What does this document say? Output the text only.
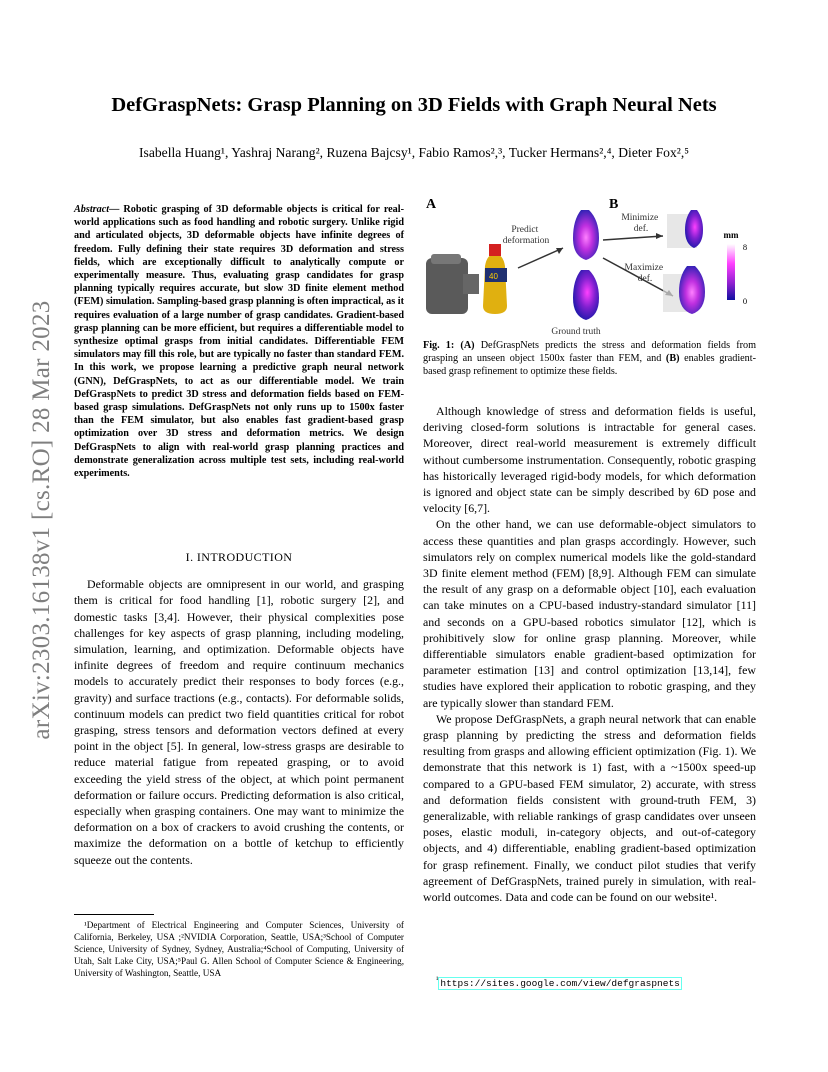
arXiv:2303.16138v1 [cs.RO] 28 Mar 2023
DefGraspNets: Grasp Planning on 3D Fields with Graph Neural Nets

Isabella Huang¹, Yashraj Narang², Ruzena Bajcsy¹, Fabio Ramos²,³, Tucker Hermans²,⁴, Dieter Fox²,⁵

Abstract— Robotic grasping of 3D deformable objects is critical for real-world applications such as food handling and robotic surgery. Unlike rigid and articulated objects, 3D deformable objects have infinite degrees of freedom. Fully defining their state requires 3D deformation and stress fields, which are exceptionally difficult to analytically compute or experimentally measure. Thus, evaluating grasp candidates for grasp planning typically requires accurate, but slow 3D finite element method (FEM) simulation. Sampling-based grasp planning is often impractical, as it requires evaluation of a large number of grasp candidates. Gradient-based grasp planning can be more efficient, but requires a differentiable model to synthesize optimal grasps from initial candidates. Differentiable FEM simulators may fill this role, but are typically no faster than standard FEM. In this work, we propose learning a predictive graph neural network (GNN), DefGraspNets, to act as our differentiable model. We train DefGraspNets to predict 3D stress and deformation fields based on FEM-based grasp simulations. DefGraspNets not only runs up to 1500x faster than the FEM simulator, but also enables fast gradient-based grasp optimization over 3D stress and deformation metrics. We design DefGraspNets to align with real-world grasp planning practices and demonstrate generalization across multiple test sets, including real-world experiments.

I. INTRODUCTION

Deformable objects are omnipresent in our world, and grasping them is critical for food handling [1], robotic surgery [2], and domestic tasks [3,4]. However, their physical complexities pose challenges for key aspects of grasp planning, including modeling, simulation, learning, and optimization. Deformable objects have infinite degrees of freedom and require continuum mechanics models to accurately predict their responses to body forces (e.g., gravity) and surface tractions (e.g., contacts). For deformable solids, continuum models can predict two field quantities critical for robot grasping, stress tensors and deformation vectors defined at every point in the object [5]. In general, low-stress grasps are desirable to reduce material fatigue from repeated grasping, or to avoid exceeding the yield stress of the object, at which point permanent deformation or failure occurs. Predicting deformation is also critical, especially when grasping containers. One may want to minimize the deformation on a box of crackers to avoid crushing the contents, or maximize the deformation on a bottle of ketchup to efficiently squeeze out the contents.

¹Department of Electrical Engineering and Computer Sciences, University of California, Berkeley, USA ;²NVIDIA Corporation, Seattle, USA;³School of Computer Science, University of Sydney, Sydney, Australia;⁴School of Computing, University of Utah, Salt Lake City, USA;⁵Paul G. Allen School of Computer Science & Engineering, University of Washington, Seattle, USA

A	B
40
Predict deformation
Ground truth
Minimize def.
Maximize def.
mm
8
0

Fig. 1: (A) DefGraspNets predicts the stress and deformation fields from grasping an unseen object 1500x faster than FEM, and (B) enables gradient-based grasp refinement to optimize these fields.

Although knowledge of stress and deformation fields is useful, deriving closed-form solutions is intractable for general cases. Moreover, direct real-world measurement is extremely difficult without cumbersome instrumentation. Consequently, robotic grasping has historically leveraged rigid-body models, for which deformation is ignored and object state can be simply described by 6D pose and velocity [6,7].

On the other hand, we can use deformable-object simulators to access these quantities and plan grasps accordingly. However, such simulators rely on complex numerical models like the gold-standard 3D finite element method (FEM) [8,9]. Although FEM can simulate the result of any grasp on a deformable object [10], each evaluation can take minutes on a CPU-based industry-standard simulator [11] and seconds on a GPU-based robotics simulator [12], which is prohibitively slow for online grasp planning. Moreover, while differentiable simulators enable gradient-based optimization for parameter estimation [13] and control optimization [13,14], few studies have explored their application to robotic grasping, and they are typically slower than standard FEM.

We propose DefGraspNets, a graph neural network that can enable grasp planning by predicting the stress and deformation fields resulting from grasps and allowing efficient optimization (Fig. 1). We demonstrate that this network is 1) fast, with a ~1500x speed-up compared to a GPU-based FEM simulator, 2) accurate, with stress and deformation fields consistent with ground-truth FEM, 3) generalizable, with reliable rankings of grasp candidates over unseen poses, elastic moduli, in-category objects, and out-of-category objects, and 4) differentiable, enabling gradient-based optimization for grasp refinement. Finally, we conduct pilot studies that verify agreement of DefGraspNets, trained purely in simulation, with real-world outcomes. Data and code can be found on our website¹.

$^{^1}$ https://sites.google.com/view/defgraspnets
